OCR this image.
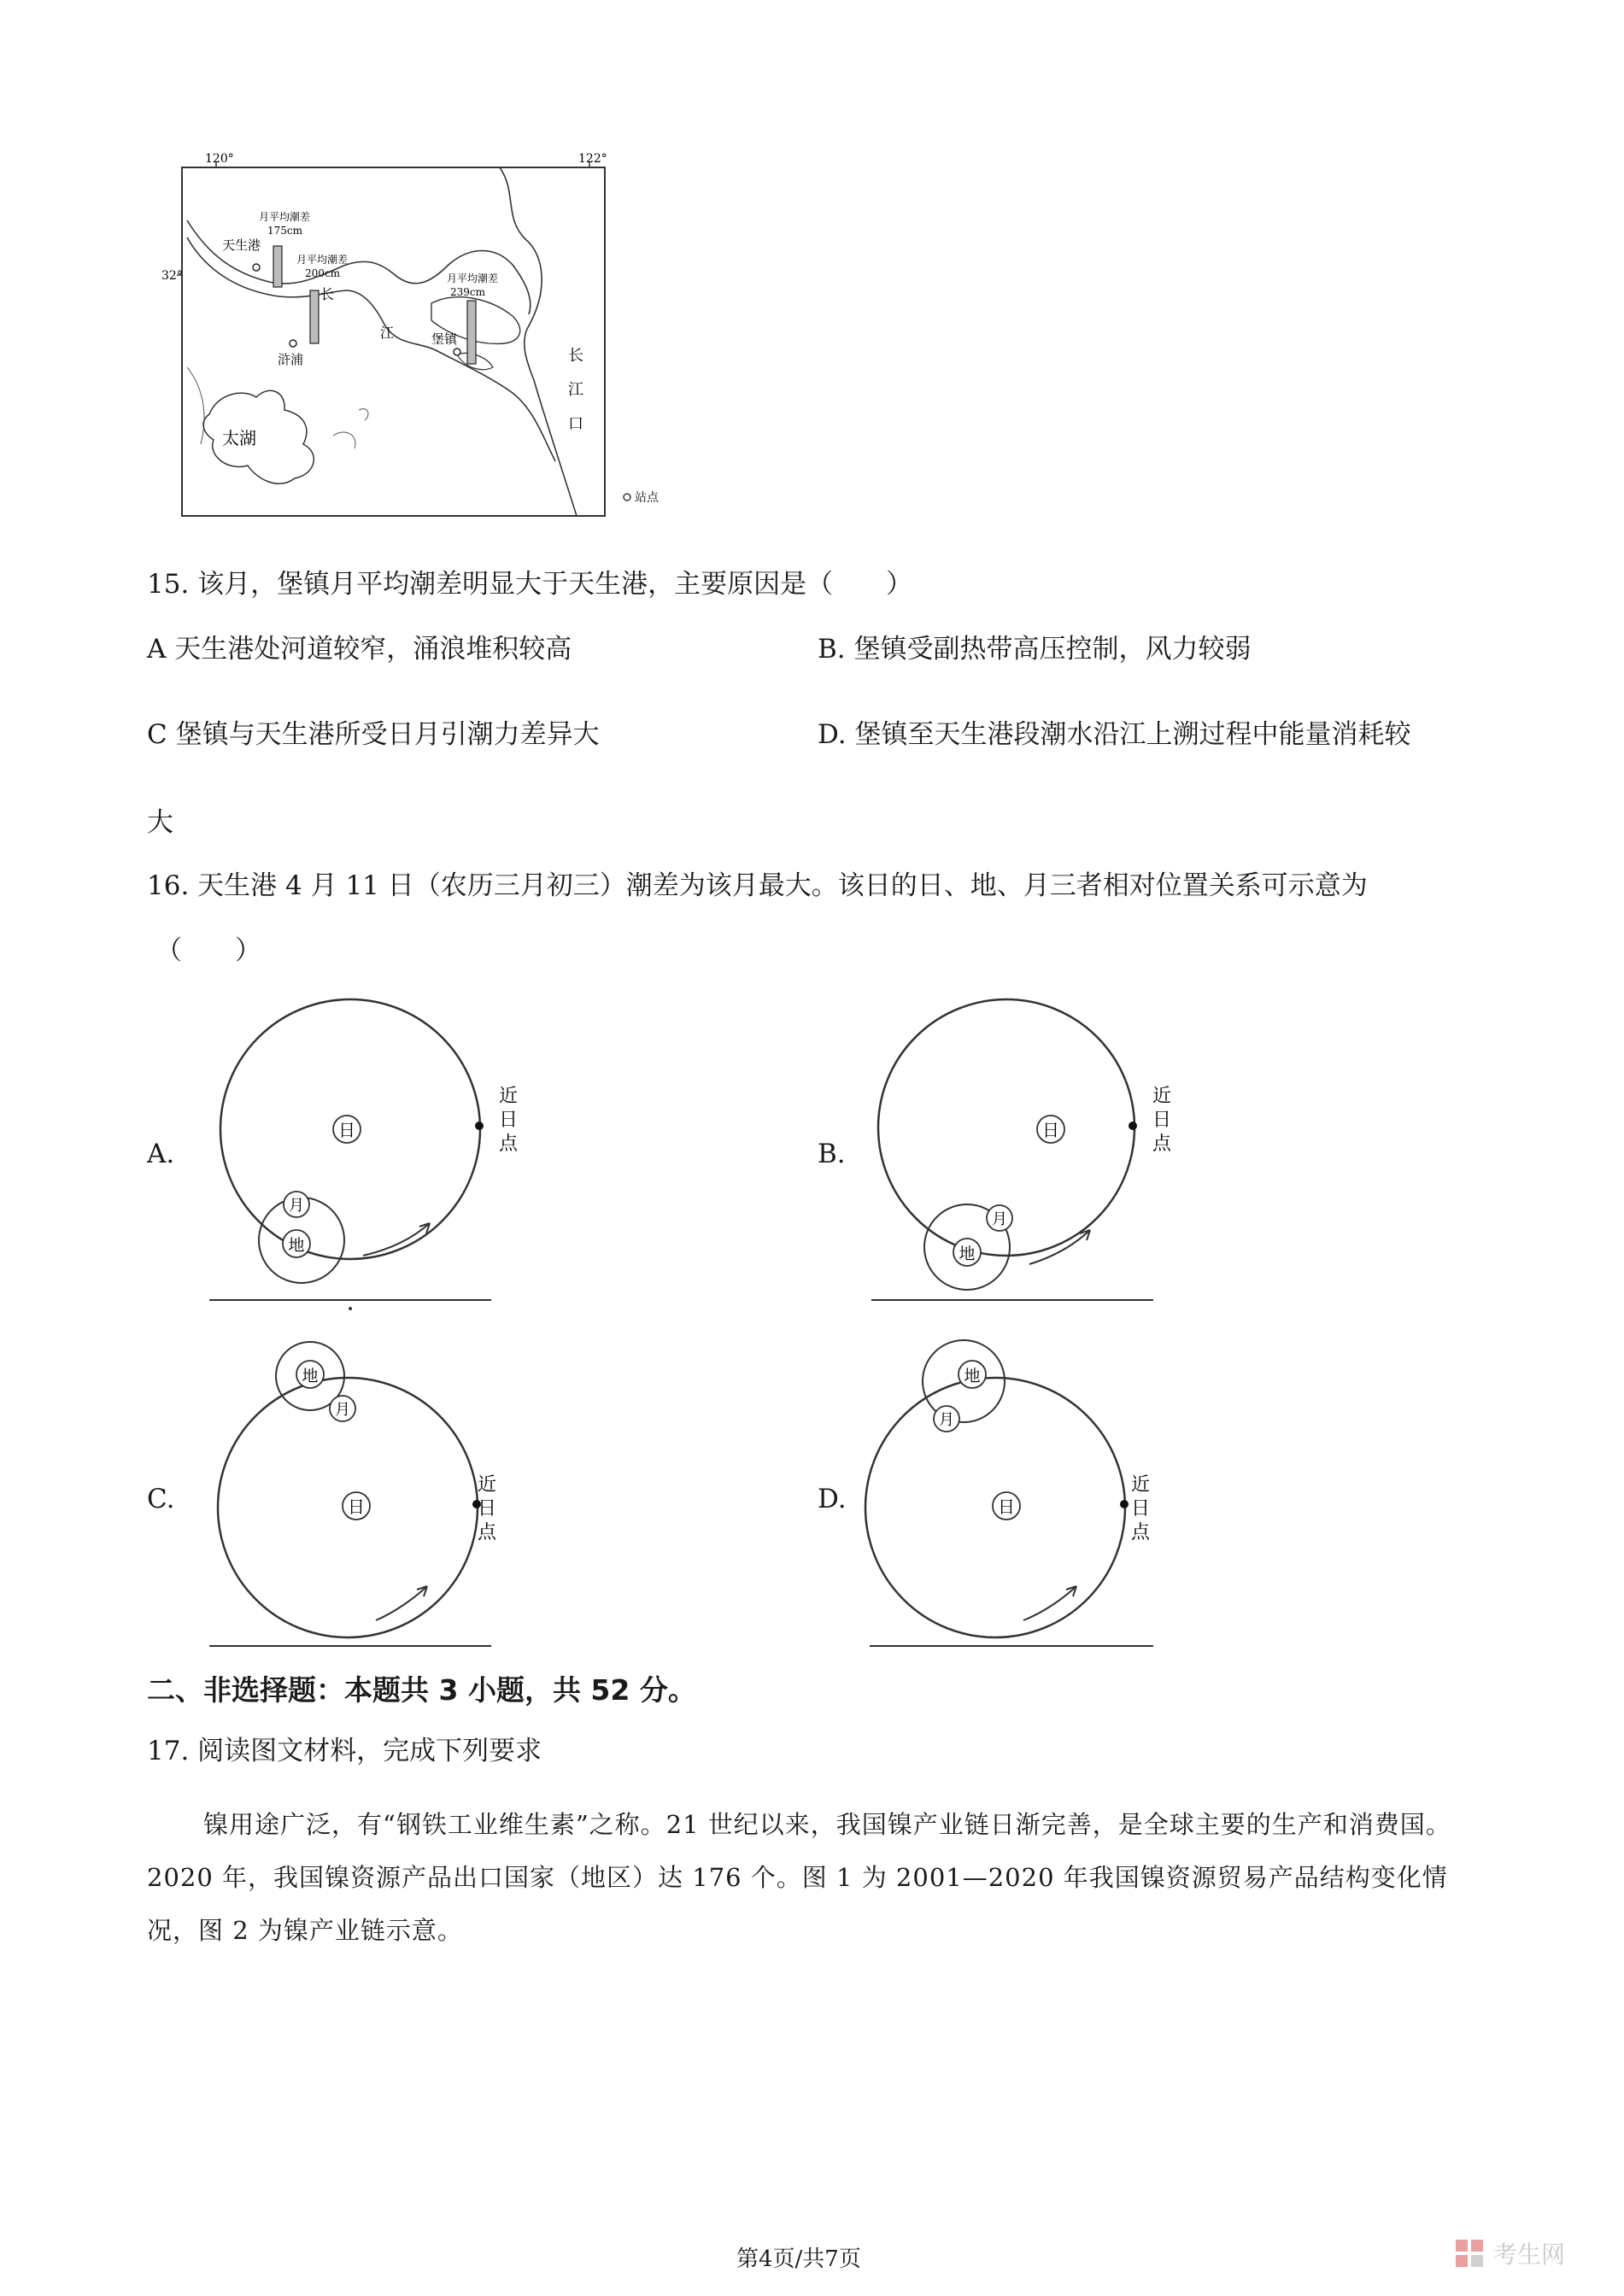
120°	122°
32°
太湖
天生港
浒浦
堡镇
月平均潮差
175cm
月平均潮差
200cm	月平均潮差
239cm
长
江
长
江
口
站点
15. 该月，堡镇月平均潮差明显大于天生港，主要原因是（　　）
A 天生港处河道较窄，涌浪堆积较高	B. 堡镇受副热带高压控制，风力较弱
C 堡镇与天生港所受日月引潮力差异大	D. 堡镇至天生港段潮水沿江上溯过程中能量消耗较
大
16. 天生港 4 月 11 日（农历三月初三）潮差为该月最大。该日的日、地、月三者相对位置关系可示意为
（　　）
A.	B.
C.	D.
日
近
日
点
地
月
日
近
日
点
地
月
日
近
日
点
地
月
日
近
日
点
地
月
二、非选择题：本题共 3 小题，共 52 分。
17. 阅读图文材料，完成下列要求
镍用途广泛，有“钢铁工业维生素”之称。21 世纪以来，我国镍产业链日渐完善，是全球主要的生产和消费国。2020 年，我国镍资源产品出口国家（地区）达 176 个。图 1 为 2001—2020 年我国镍资源贸易产品结构变化情况，图 2 为镍产业链示意。
第4页/共7页	考生网
